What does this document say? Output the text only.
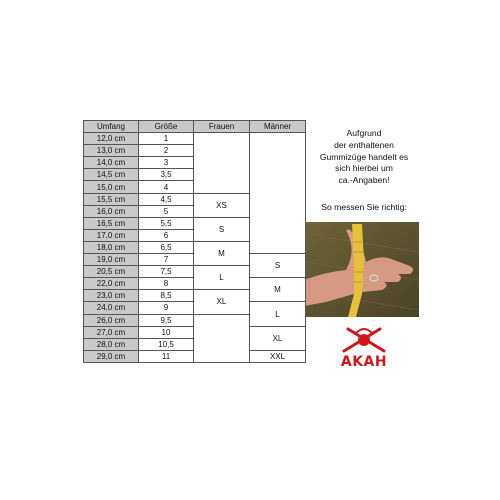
Umfang	Größe	Frauen	Männer
12,0 cm	1		
13,0 cm	2		
14,0 cm	3		
14,5 cm	3,5		
15,0 cm	4		
15,5 cm	4,5	XS	
16,0 cm	5		
16,5 cm	5,5	S	
17,0 cm	6		
18,0 cm	6,5	M	
19,0 cm	7		S
20,5 cm	7,5	L	
22,0 cm	8		M
23,0 cm	8,5	XL	
24,0 cm	9		L
26,0 cm	9,5		
27,0 cm	10		XL
28,0 cm	10,5		
29,0 cm	11		XXL
Aufgrund
der enthaltenen
Gummizüge handelt es
sich hierbei um
ca.-Angaben!
So messen Sie richtig:
AKAH
